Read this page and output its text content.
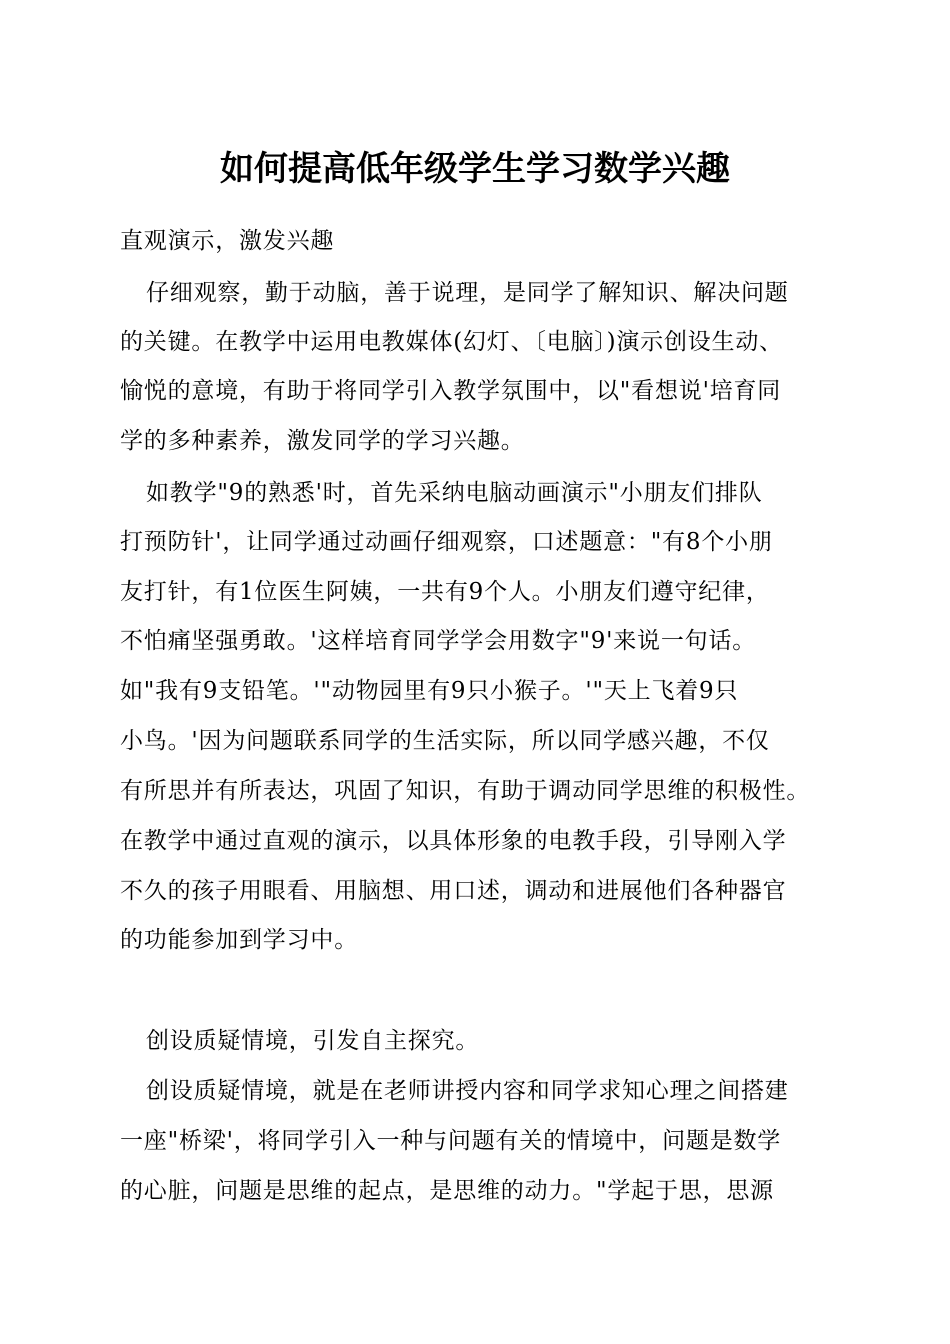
如何提高低年级学生学习数学兴趣
直观演示，激发兴趣
仔细观察，勤于动脑，善于说理，是同学了解知识、解决问题
的关键。在教学中运用电教媒体(幻灯、〔电脑〕)演示创设生动、
愉悦的意境，有助于将同学引入教学氛围中，以"看想说'培育同
学的多种素养，激发同学的学习兴趣。
如教学"9的熟悉'时，首先采纳电脑动画演示"小朋友们排队
打预防针'，让同学通过动画仔细观察，口述题意："有8个小朋
友打针，有1位医生阿姨，一共有9个人。小朋友们遵守纪律，
不怕痛坚强勇敢。'这样培育同学学会用数字"9'来说一句话。
如"我有9支铅笔。'"动物园里有9只小猴子。'"天上飞着9只
小鸟。'因为问题联系同学的生活实际，所以同学感兴趣，不仅
有所思并有所表达，巩固了知识，有助于调动同学思维的积极性。
在教学中通过直观的演示，以具体形象的电教手段，引导刚入学
不久的孩子用眼看、用脑想、用口述，调动和进展他们各种器官
的功能参加到学习中。
创设质疑情境，引发自主探究。
创设质疑情境，就是在老师讲授内容和同学求知心理之间搭建
一座"桥梁'，将同学引入一种与问题有关的情境中，问题是数学
的心脏，问题是思维的起点，是思维的动力。"学起于思，思源
